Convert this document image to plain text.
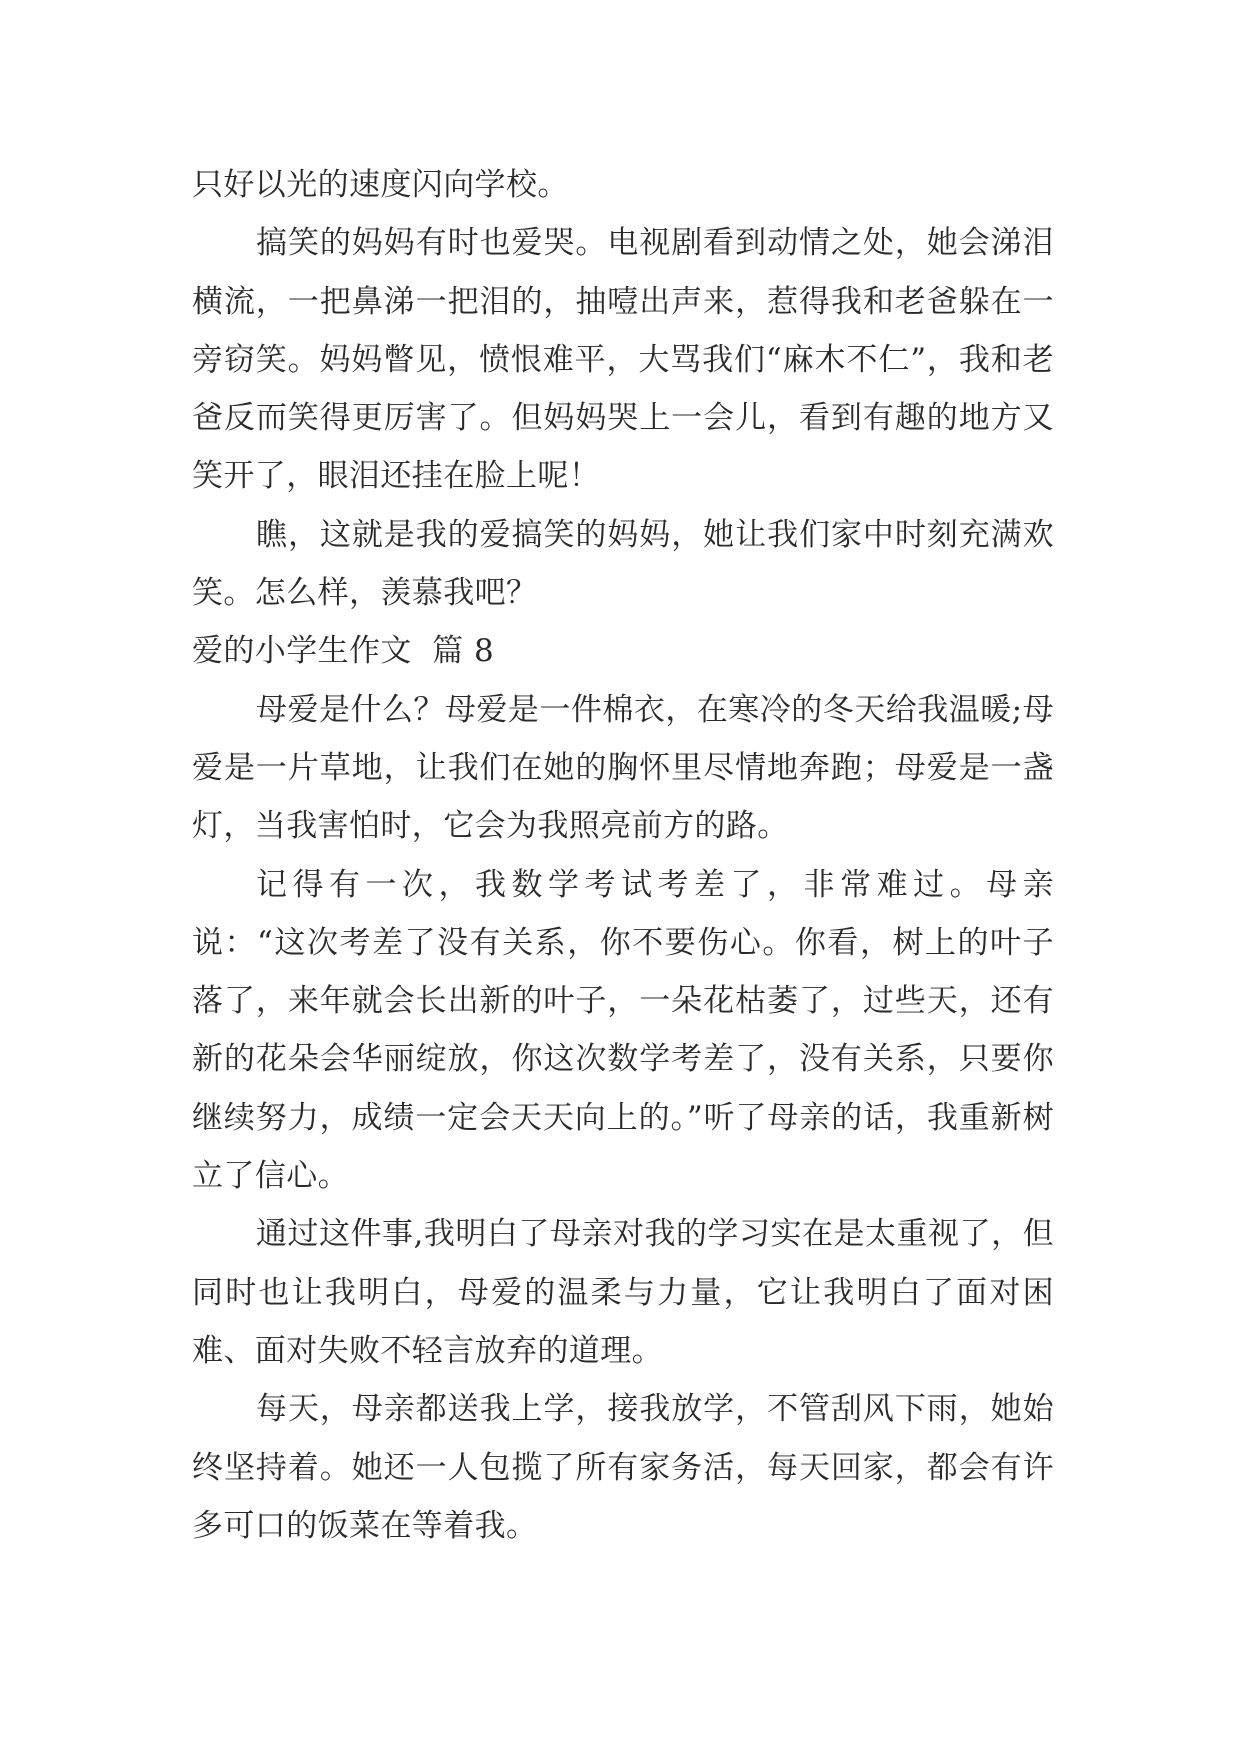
只好以光的速度闪向学校。

搞笑的妈妈有时也爱哭。电视剧看到动情之处，她会涕泪横流，一把鼻涕一把泪的，抽噎出声来，惹得我和老爸躲在一旁窃笑。妈妈瞥见，愤恨难平，大骂我们“麻木不仁”，我和老爸反而笑得更厉害了。但妈妈哭上一会儿，看到有趣的地方又笑开了，眼泪还挂在脸上呢！

瞧，这就是我的爱搞笑的妈妈，她让我们家中时刻充满欢笑。怎么样，羡慕我吧？

爱的小学生作文  篇 8

母爱是什么？母爱是一件棉衣，在寒冷的冬天给我温暖;母爱是一片草地，让我们在她的胸怀里尽情地奔跑；母爱是一盏灯，当我害怕时，它会为我照亮前方的路。

记得有一次，我数学考试考差了，非常难过。母亲说：“这次考差了没有关系，你不要伤心。你看，树上的叶子落了，来年就会长出新的叶子，一朵花枯萎了，过些天，还有新的花朵会华丽绽放，你这次数学考差了，没有关系，只要你继续努力，成绩一定会天天向上的。”听了母亲的话，我重新树立了信心。

通过这件事,我明白了母亲对我的学习实在是太重视了，但同时也让我明白，母爱的温柔与力量，它让我明白了面对困难、面对失败不轻言放弃的道理。

每天，母亲都送我上学，接我放学，不管刮风下雨，她始终坚持着。她还一人包揽了所有家务活，每天回家，都会有许多可口的饭菜在等着我。
